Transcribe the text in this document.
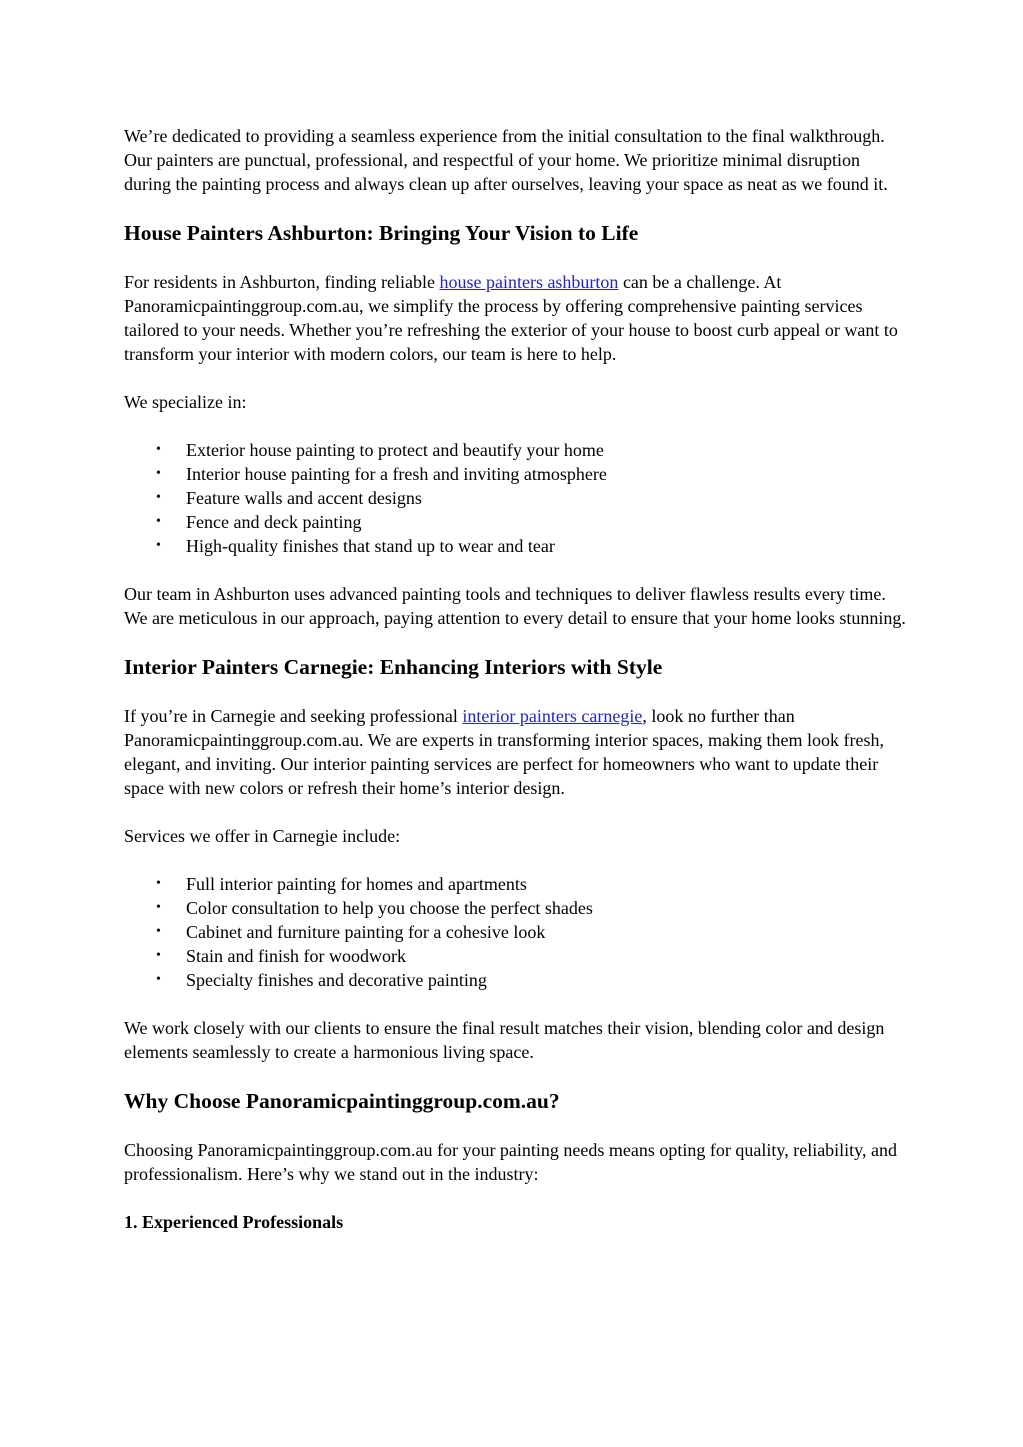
We’re dedicated to providing a seamless experience from the initial consultation to the final walkthrough. Our painters are punctual, professional, and respectful of your home. We prioritize minimal disruption during the painting process and always clean up after ourselves, leaving your space as neat as we found it.

House Painters Ashburton: Bringing Your Vision to Life

For residents in Ashburton, finding reliable house painters ashburton can be a challenge. At Panoramicpaintinggroup.com.au, we simplify the process by offering comprehensive painting services tailored to your needs. Whether you’re refreshing the exterior of your house to boost curb appeal or want to transform your interior with modern colors, our team is here to help.

We specialize in:

• Exterior house painting to protect and beautify your home
• Interior house painting for a fresh and inviting atmosphere
• Feature walls and accent designs
• Fence and deck painting
• High-quality finishes that stand up to wear and tear

Our team in Ashburton uses advanced painting tools and techniques to deliver flawless results every time. We are meticulous in our approach, paying attention to every detail to ensure that your home looks stunning.

Interior Painters Carnegie: Enhancing Interiors with Style

If you’re in Carnegie and seeking professional interior painters carnegie, look no further than Panoramicpaintinggroup.com.au. We are experts in transforming interior spaces, making them look fresh, elegant, and inviting. Our interior painting services are perfect for homeowners who want to update their space with new colors or refresh their home’s interior design.

Services we offer in Carnegie include:

• Full interior painting for homes and apartments
• Color consultation to help you choose the perfect shades
• Cabinet and furniture painting for a cohesive look
• Stain and finish for woodwork
• Specialty finishes and decorative painting

We work closely with our clients to ensure the final result matches their vision, blending color and design elements seamlessly to create a harmonious living space.

Why Choose Panoramicpaintinggroup.com.au?

Choosing Panoramicpaintinggroup.com.au for your painting needs means opting for quality, reliability, and professionalism. Here’s why we stand out in the industry:

1. Experienced Professionals
